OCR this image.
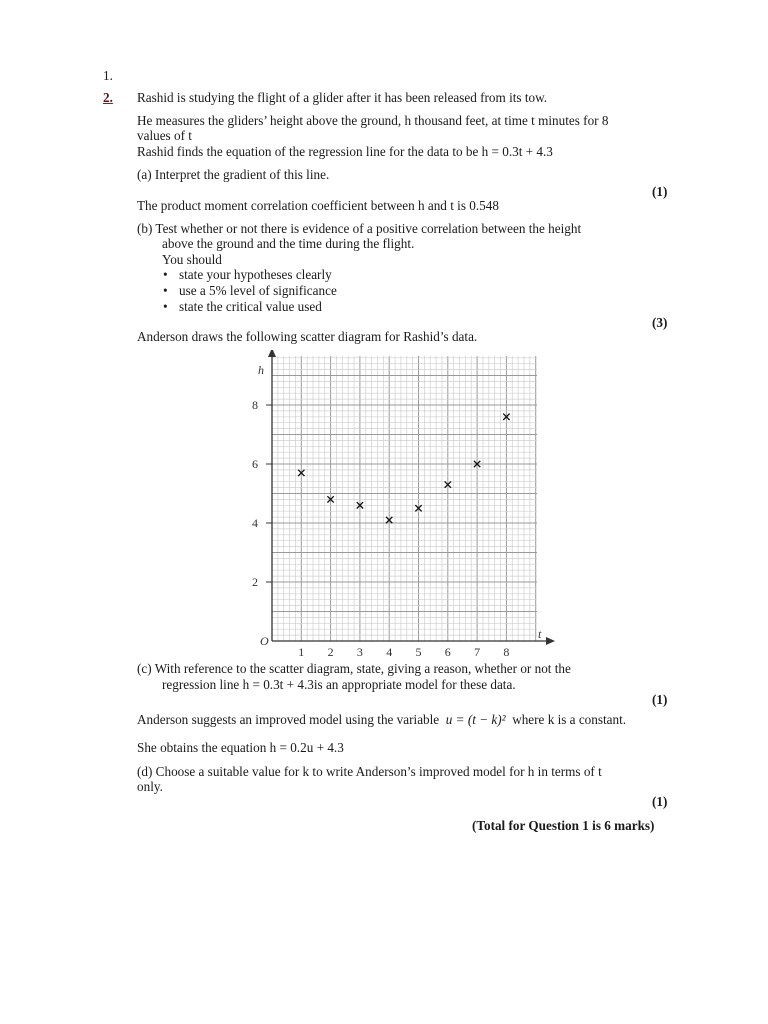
1.
2. Rashid is studying the flight of a glider after it has been released from its tow.
He measures the gliders’ height above the ground, h thousand feet, at time t minutes for 8
values of t
Rashid finds the equation of the regression line for the data to be h = 0.3t + 4.3
(a) Interpret the gradient of this line.
(1)
The product moment correlation coefficient between h and t is 0.548
(b) Test whether or not there is evidence of a positive correlation between the height
above the ground and the time during the flight.
You should
• state your hypotheses clearly
• use a 5% level of significance
• state the critical value used
(3)
Anderson draws the following scatter diagram for Rashid’s data.
1 2 3 4 5 6 7 8
2
4
6
8
O	t
h
(c) With reference to the scatter diagram, state, giving a reason, whether or not the
regression line h = 0.3t + 4.3is an appropriate model for these data.
(1)
Anderson suggests an improved model using the variable u = (t − k)² where k is a constant.
She obtains the equation h = 0.2u + 4.3
(d) Choose a suitable value for k to write Anderson’s improved model for h in terms of t
only.
(1)
(Total for Question 1 is 6 marks)
